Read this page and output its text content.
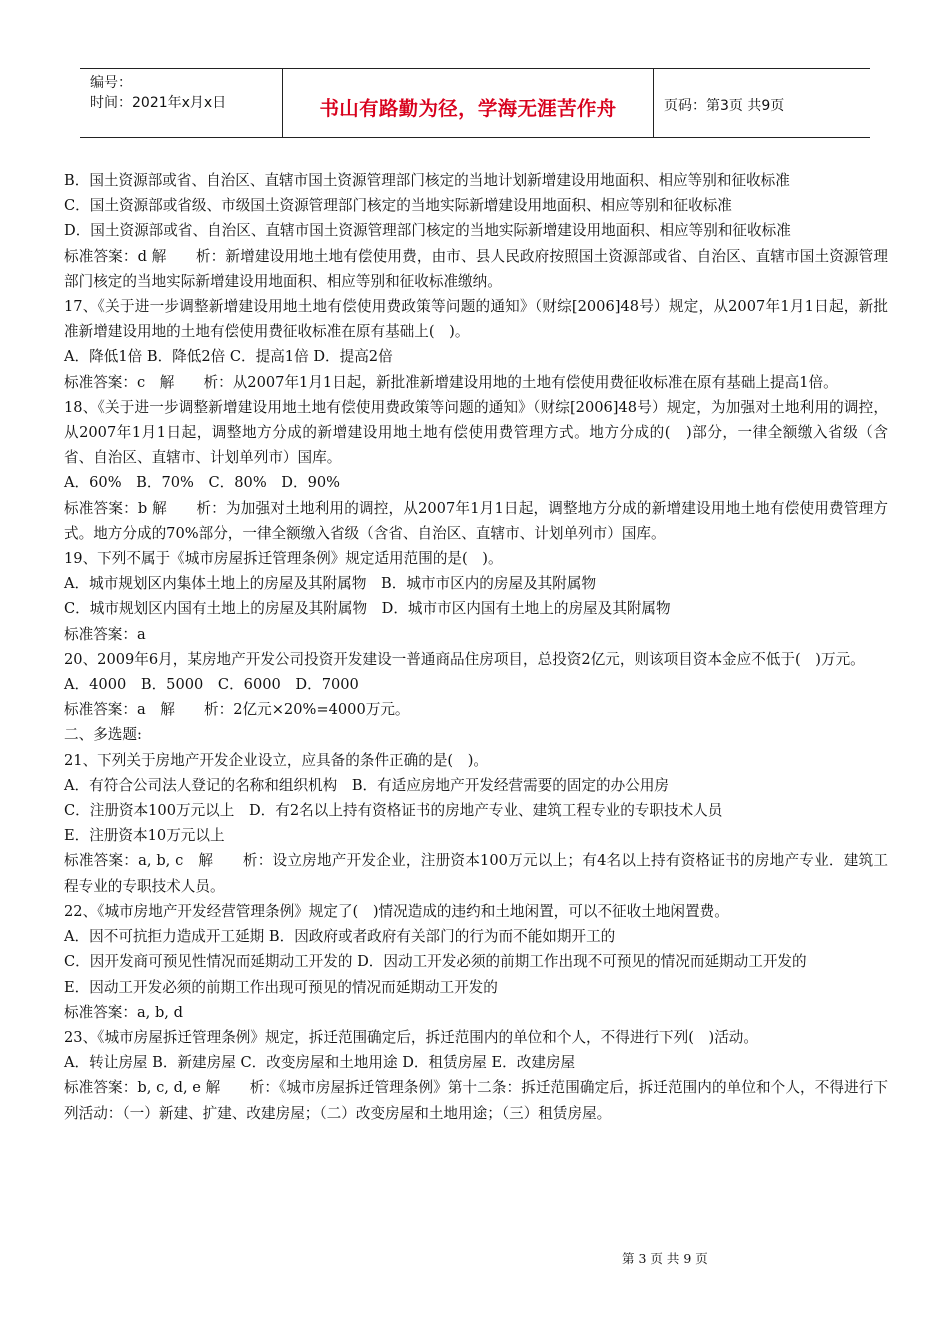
编号：
时间：2021年x月x日	书山有路勤为径，学海无涯苦作舟	页码：第3页 共9页

B．国土资源部或省、自治区、直辖市国土资源管理部门核定的当地计划新增建设用地面积、相应等别和征收标准

C．国土资源部或省级、市级国土资源管理部门核定的当地实际新增建设用地面积、相应等别和征收标准

D．国土资源部或省、自治区、直辖市国土资源管理部门核定的当地实际新增建设用地面积、相应等别和征收标准

标准答案：d 解　　析：新增建设用地土地有偿使用费，由市、县人民政府按照国土资源部或省、自治区、直辖市国土资源管理部门核定的当地实际新增建设用地面积、相应等别和征收标准缴纳。

17、《关于进一步调整新增建设用地土地有偿使用费政策等问题的通知》（财综[2006]48号）规定，从2007年1月1日起，新批准新增建设用地的土地有偿使用费征收标准在原有基础上(　)。

A．降低1倍 B．降低2倍 C．提高1倍 D．提高2倍

标准答案：c　解　　析：从2007年1月1日起，新批准新增建设用地的土地有偿使用费征收标准在原有基础上提高1倍。

18、《关于进一步调整新增建设用地土地有偿使用费政策等问题的通知》（财综[2006]48号）规定，为加强对土地利用的调控，从2007年1月1日起，调整地方分成的新增建设用地土地有偿使用费管理方式。地方分成的(　)部分，一律全额缴入省级（含省、自治区、直辖市、计划单列市）国库。

A．60%　B．70%　C．80%　D．90%

标准答案：b 解　　析：为加强对土地利用的调控，从2007年1月1日起，调整地方分成的新增建设用地土地有偿使用费管理方式。地方分成的70%部分，一律全额缴入省级（含省、自治区、直辖市、计划单列市）国库。

19、下列不属于《城市房屋拆迁管理条例》规定适用范围的是(　)。

A．城市规划区内集体土地上的房屋及其附属物　B．城市市区内的房屋及其附属物

C．城市规划区内国有土地上的房屋及其附属物　D．城市市区内国有土地上的房屋及其附属物

标准答案：a

20、2009年6月，某房地产开发公司投资开发建设一普通商品住房项目，总投资2亿元，则该项目资本金应不低于(　)万元。

A．4000　B．5000　C．6000　D．7000

标准答案：a　解　　析：2亿元×20%=4000万元。

二、多选题:

21、下列关于房地产开发企业设立，应具备的条件正确的是(　)。

A．有符合公司法人登记的名称和组织机构　B．有适应房地产开发经营需要的固定的办公用房

C．注册资本100万元以上　D．有2名以上持有资格证书的房地产专业、建筑工程专业的专职技术人员

E．注册资本10万元以上

标准答案：a, b, c　解　　析：设立房地产开发企业，注册资本100万元以上；有4名以上持有资格证书的房地产专业．建筑工程专业的专职技术人员。

22、《城市房地产开发经营管理条例》规定了(　)情况造成的违约和土地闲置，可以不征收土地闲置费。

A．因不可抗拒力造成开工延期 B．因政府或者政府有关部门的行为而不能如期开工的

C．因开发商可预见性情况而延期动工开发的 D．因动工开发必须的前期工作出现不可预见的情况而延期动工开发的

E．因动工开发必须的前期工作出现可预见的情况而延期动工开发的

标准答案：a, b, d

23、《城市房屋拆迁管理条例》规定，拆迁范围确定后，拆迁范围内的单位和个人，不得进行下列(　)活动。

A．转让房屋 B．新建房屋 C．改变房屋和土地用途 D．租赁房屋 E．改建房屋

标准答案：b, c, d, e 解　　析：《城市房屋拆迁管理条例》第十二条：拆迁范围确定后，拆迁范围内的单位和个人，不得进行下列活动：（一）新建、扩建、改建房屋；（二）改变房屋和土地用途；（三）租赁房屋。

第 3 页 共 9 页
